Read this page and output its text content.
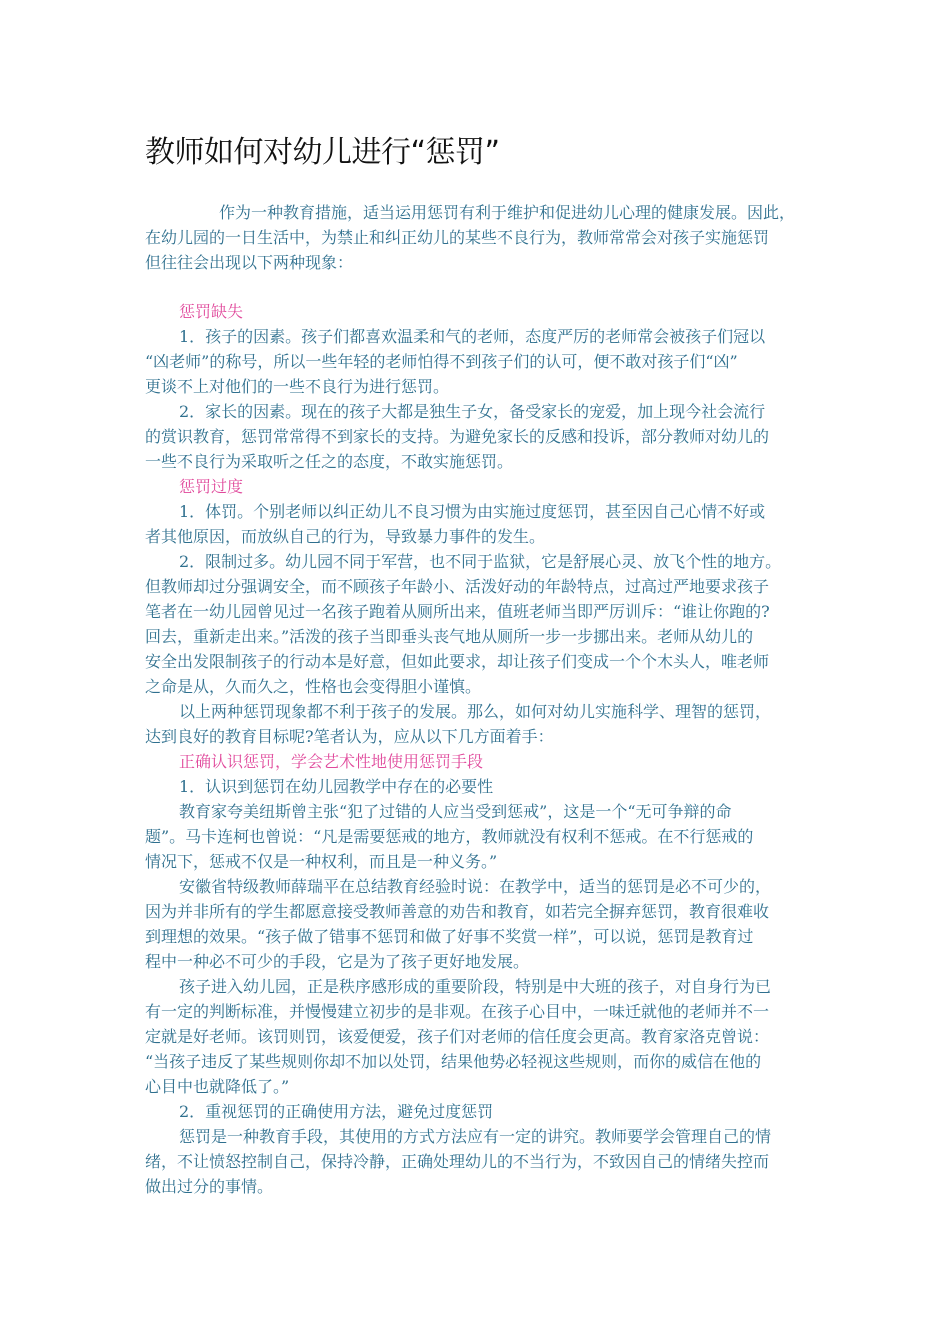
教师如何对幼儿进行“惩罚”
作为一种教育措施，适当运用惩罚有利于维护和促进幼儿心理的健康发展。因此，
在幼儿园的一日生活中，为禁止和纠正幼儿的某些不良行为，教师常常会对孩子实施惩罚
但往往会出现以下两种现象：
惩罚缺失
1．孩子的因素。孩子们都喜欢温柔和气的老师，态度严厉的老师常会被孩子们冠以
“凶老师”的称号，所以一些年轻的老师怕得不到孩子们的认可，便不敢对孩子们“凶”
更谈不上对他们的一些不良行为进行惩罚。
2．家长的因素。现在的孩子大都是独生子女，备受家长的宠爱，加上现今社会流行
的赏识教育，惩罚常常得不到家长的支持。为避免家长的反感和投诉，部分教师对幼儿的
一些不良行为采取听之任之的态度，不敢实施惩罚。
惩罚过度
1．体罚。个别老师以纠正幼儿不良习惯为由实施过度惩罚，甚至因自己心情不好或
者其他原因，而放纵自己的行为，导致暴力事件的发生。
2．限制过多。幼儿园不同于军营，也不同于监狱，它是舒展心灵、放飞个性的地方。
但教师却过分强调安全，而不顾孩子年龄小、活泼好动的年龄特点，过高过严地要求孩子
笔者在一幼儿园曾见过一名孩子跑着从厕所出来，值班老师当即严厉训斥：“谁让你跑的?
回去，重新走出来。”活泼的孩子当即垂头丧气地从厕所一步一步挪出来。老师从幼儿的
安全出发限制孩子的行动本是好意，但如此要求，却让孩子们变成一个个木头人，唯老师
之命是从，久而久之，性格也会变得胆小谨慎。
以上两种惩罚现象都不利于孩子的发展。那么，如何对幼儿实施科学、理智的惩罚，
达到良好的教育目标呢?笔者认为，应从以下几方面着手：
正确认识惩罚，学会艺术性地使用惩罚手段
1．认识到惩罚在幼儿园教学中存在的必要性
教育家夸美纽斯曾主张“犯了过错的人应当受到惩戒”，这是一个“无可争辩的命
题”。马卡连柯也曾说：“凡是需要惩戒的地方，教师就没有权利不惩戒。在不行惩戒的
情况下，惩戒不仅是一种权利，而且是一种义务。”
安徽省特级教师薛瑞平在总结教育经验时说：在教学中，适当的惩罚是必不可少的，
因为并非所有的学生都愿意接受教师善意的劝告和教育，如若完全摒弃惩罚，教育很难收
到理想的效果。“孩子做了错事不惩罚和做了好事不奖赏一样”，可以说，惩罚是教育过
程中一种必不可少的手段，它是为了孩子更好地发展。
孩子进入幼儿园，正是秩序感形成的重要阶段，特别是中大班的孩子，对自身行为已
有一定的判断标准，并慢慢建立初步的是非观。在孩子心目中，一味迁就他的老师并不一
定就是好老师。该罚则罚，该爱便爱，孩子们对老师的信任度会更高。教育家洛克曾说：
“当孩子违反了某些规则你却不加以处罚，结果他势必轻视这些规则，而你的威信在他的
心目中也就降低了。”
2．重视惩罚的正确使用方法，避免过度惩罚
惩罚是一种教育手段，其使用的方式方法应有一定的讲究。教师要学会管理自己的情
绪，不让愤怒控制自己，保持冷静，正确处理幼儿的不当行为，不致因自己的情绪失控而
做出过分的事情。
